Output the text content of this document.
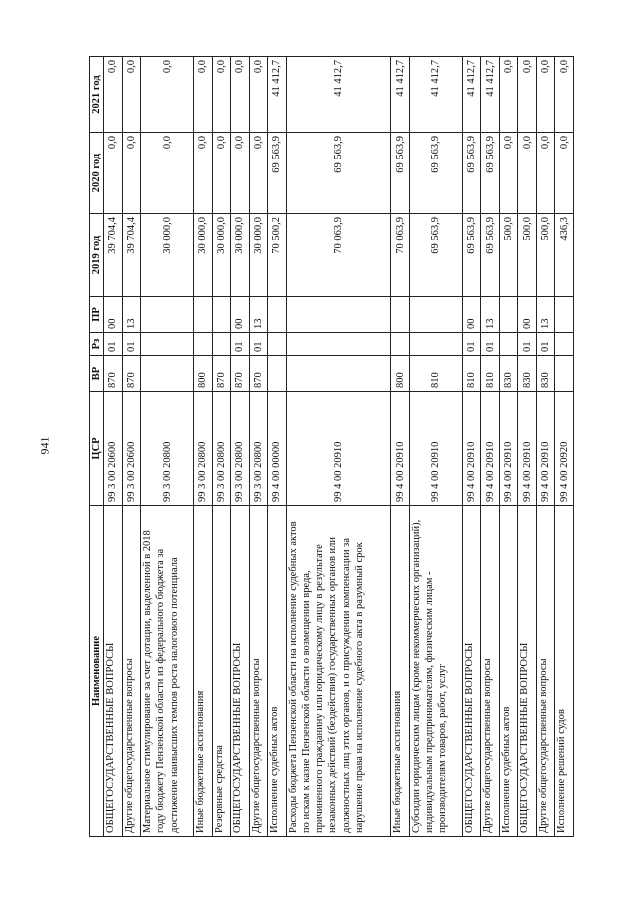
941
Наименование	ЦСР	ВР	Рз	ПР	2019 год	2020 год	2021 год
ОБЩЕГОСУДАРСТВЕННЫЕ ВОПРОСЫ	99 3 00 20600	870	01	00	39 704,4	0,0	0,0
Другие общегосударственные вопросы	99 3 00 20600	870	01	13	39 704,4	0,0	0,0
Материальное стимулирование за счет дотации, выделенной в 2018 году бюджету Пензенской области из федерального бюджета за достижение наивысших темпов роста налогового потенциала	99 3 00 20800				30 000,0	0,0	0,0
Иные бюджетные ассигнования	99 3 00 20800	800			30 000,0	0,0	0,0
Резервные средства	99 3 00 20800	870			30 000,0	0,0	0,0
ОБЩЕГОСУДАРСТВЕННЫЕ ВОПРОСЫ	99 3 00 20800	870	01	00	30 000,0	0,0	0,0
Другие общегосударственные вопросы	99 3 00 20800	870	01	13	30 000,0	0,0	0,0
Исполнение судебных актов	99 4 00 00000				70 500,2	69 563,9	41 412,7
Расходы бюджета Пензенской области на исполнение судебных актов по искам к казне Пензенской области о возмещении вреда, причиненного гражданину или юридическому лицу в результате незаконных действий (бездействия) государственных органов или должностных лиц этих органов, и о присуждении компенсации за нарушение права на исполнение судебного акта в разумный срок	99 4 00 20910				70 063,9	69 563,9	41 412,7
Иные бюджетные ассигнования	99 4 00 20910	800			70 063,9	69 563,9	41 412,7
Субсидии юридическим лицам (кроме некоммерческих организаций), индивидуальным предпринимателям, физическим лицам - производителям товаров, работ, услуг	99 4 00 20910	810			69 563,9	69 563,9	41 412,7
ОБЩЕГОСУДАРСТВЕННЫЕ ВОПРОСЫ	99 4 00 20910	810	01	00	69 563,9	69 563,9	41 412,7
Другие общегосударственные вопросы	99 4 00 20910	810	01	13	69 563,9	69 563,9	41 412,7
Исполнение судебных актов	99 4 00 20910	830			500,0	0,0	0,0
ОБЩЕГОСУДАРСТВЕННЫЕ ВОПРОСЫ	99 4 00 20910	830	01	00	500,0	0,0	0,0
Другие общегосударственные вопросы	99 4 00 20910	830	01	13	500,0	0,0	0,0
Исполнение решений судов	99 4 00 20920				436,3	0,0	0,0
